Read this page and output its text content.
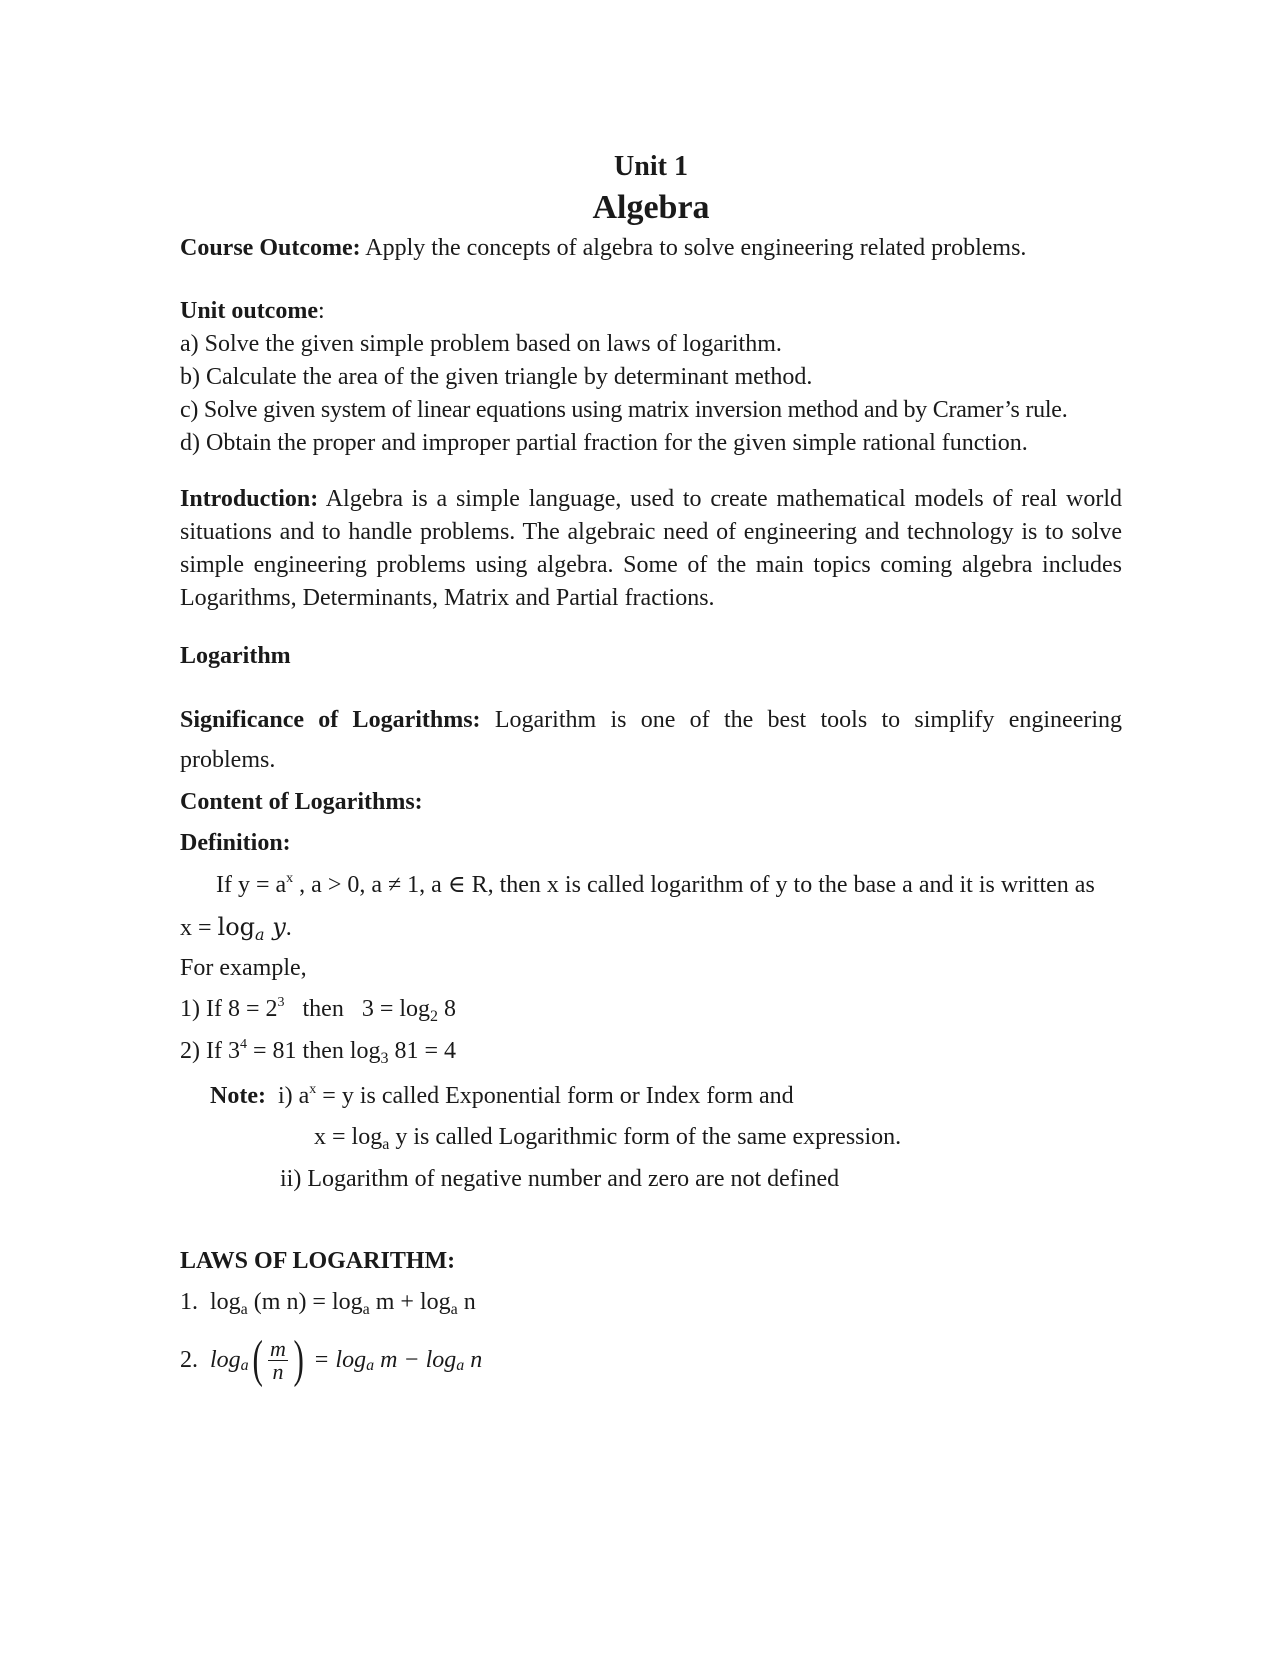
Unit 1
Algebra
Course Outcome: Apply the concepts of algebra to solve engineering related problems.
Unit outcome:
a) Solve the given simple problem based on laws of logarithm.
b) Calculate the area of the given triangle by determinant method.
c) Solve given system of linear equations using matrix inversion method and by Cramer’s rule.
d) Obtain the proper and improper partial fraction for the given simple rational function.
Introduction: Algebra is a simple language, used to create mathematical models of real world
situations and to handle problems. The algebraic need of engineering and technology is to solve
simple engineering problems using algebra. Some of the main topics coming algebra includes
Logarithms, Determinants, Matrix and Partial fractions.
Logarithm
Significance of Logarithms: Logarithm is one of the best tools to simplify engineering
problems.
Content of Logarithms:
Definition:
If $y = a^x$ , a > 0, a ≠ 1, a ∈ R, then x is called logarithm of y to the base a and it is written as
$x = \log_a y$.
For example,
1) If $8 = 2^3$   then   $3 = \log_2 8$
2) If $3^4 = 81$ then $\log_3 81 = 4$
Note:  i) $a^x = y$ is called Exponential form or Index form and
$x = \log_a y$ is called Logarithmic form of the same expression.
ii) Logarithm of negative number and zero are not defined
LAWS OF LOGARITHM:
1.  $\log_a (m$ $n) = \log_a m + \log_a n$
2. log a ( $\frac{m}{n}$ ) = log a m − log a n
